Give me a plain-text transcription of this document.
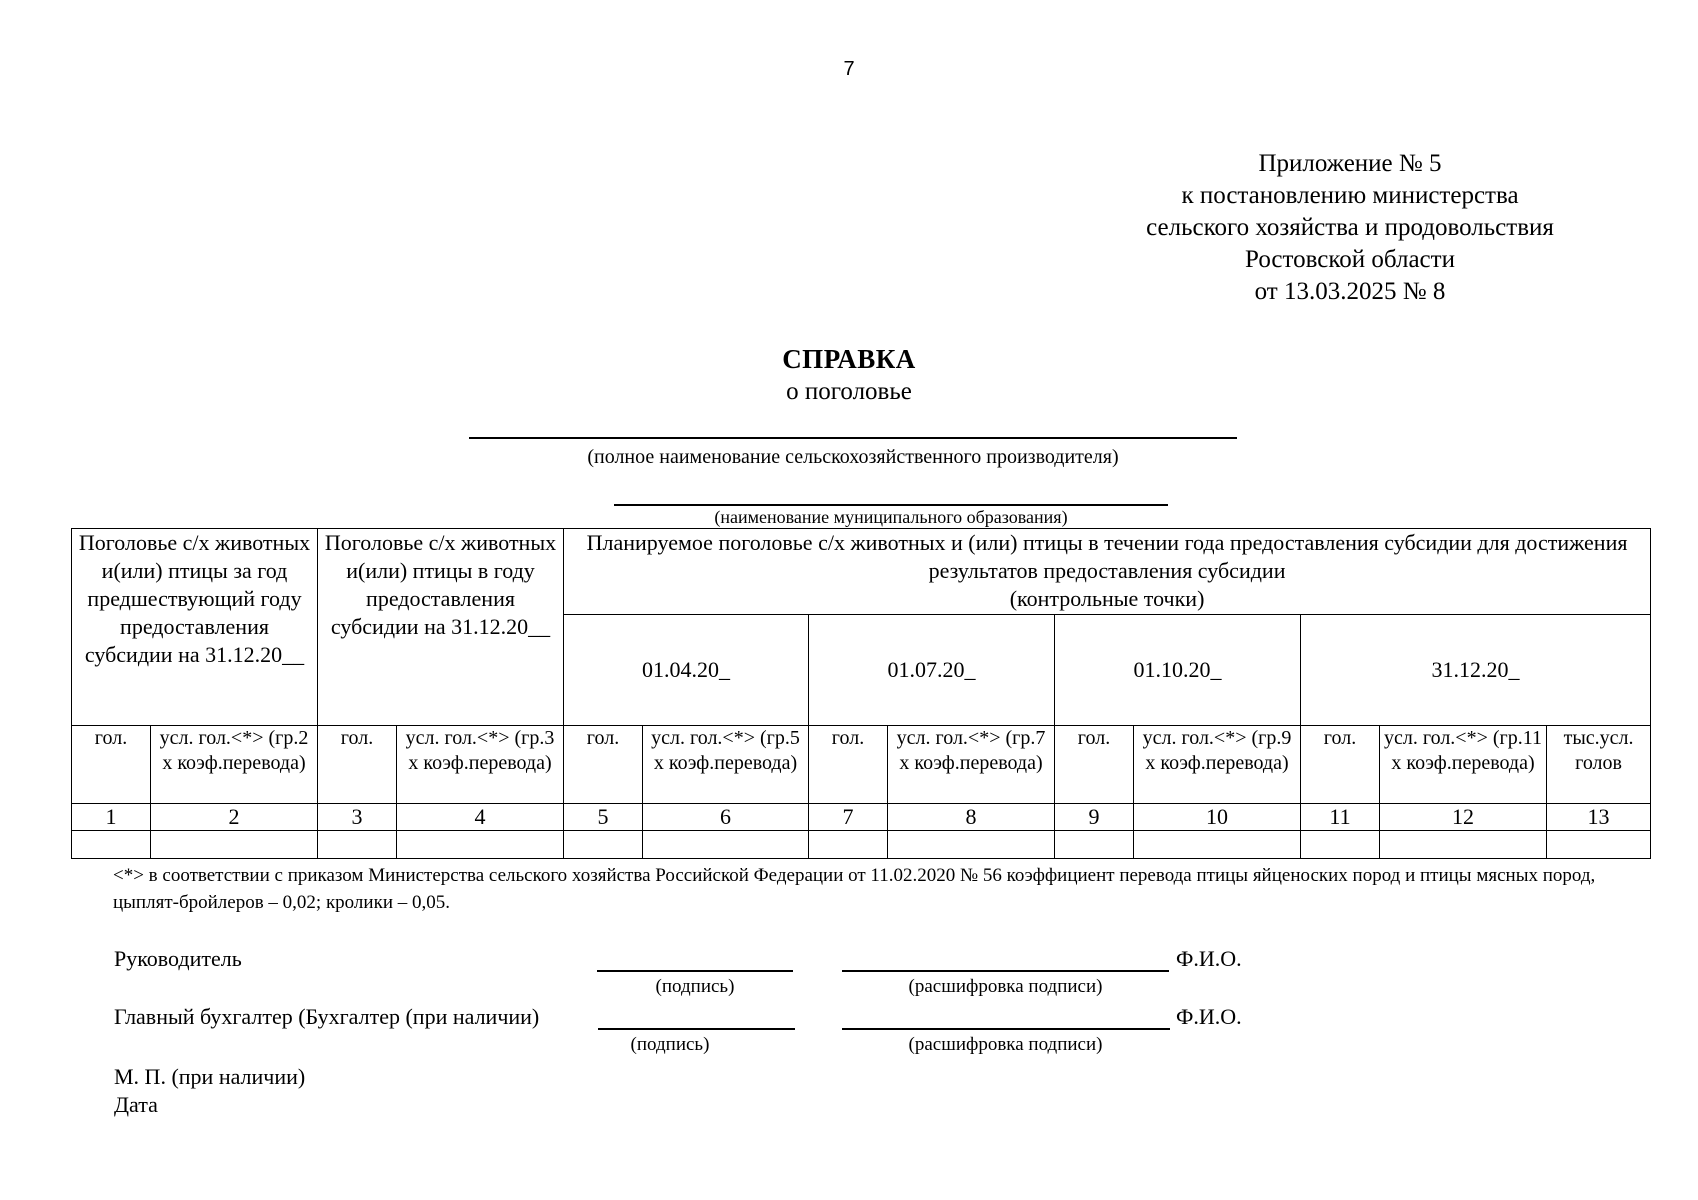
7
Приложение № 5
к постановлению министерства
сельского хозяйства и продовольствия
Ростовской области
от 13.03.2025 № 8
СПРАВКА
о поголовье
(полное наименование сельскохозяйственного производителя)
(наименование муниципального образования)
Поголовье с/х животных и(или) птицы за год предшествующий году предоставления субсидии на 31.12.20__		Поголовье с/х животных и(или) птицы в году предоставления субсидии на 31.12.20__		Планируемое поголовье с/х животных и (или) птицы в течении года предоставления субсидии для достижения результатов предоставления субсидии
(контрольные точки)								

				01.04.20_		01.07.20_		01.10.20_		31.12.20_		
гол.	усл. гол.<*> (гр.2 х коэф.перевода)	гол.	усл. гол.<*> (гр.3 х коэф.перевода)	гол.	усл. гол.<*> (гр.5 х коэф.перевода)	гол.	усл. гол.<*> (гр.7 х коэф.перевода)	гол.	усл. гол.<*> (гр.9 х коэф.перевода)	гол.	усл. гол.<*> (гр.11 х коэф.перевода)	тыс.усл. голов
1	2	3	4	5	6	7	8	9	10	11	12	13

<*> в соответствии с приказом Министерства сельского хозяйства Российской Федерации от 11.02.2020 № 56 коэффициент перевода птицы яйценоских пород и птицы мясных пород, цыплят-бройлеров – 0,02; кролики – 0,05.
Руководитель	Ф.И.О.
(подпись)	(расшифровка подписи)
Главный бухгалтер (Бухгалтер (при наличии)	Ф.И.О.
(подпись)	(расшифровка подписи)
М. П. (при наличии)
Дата
